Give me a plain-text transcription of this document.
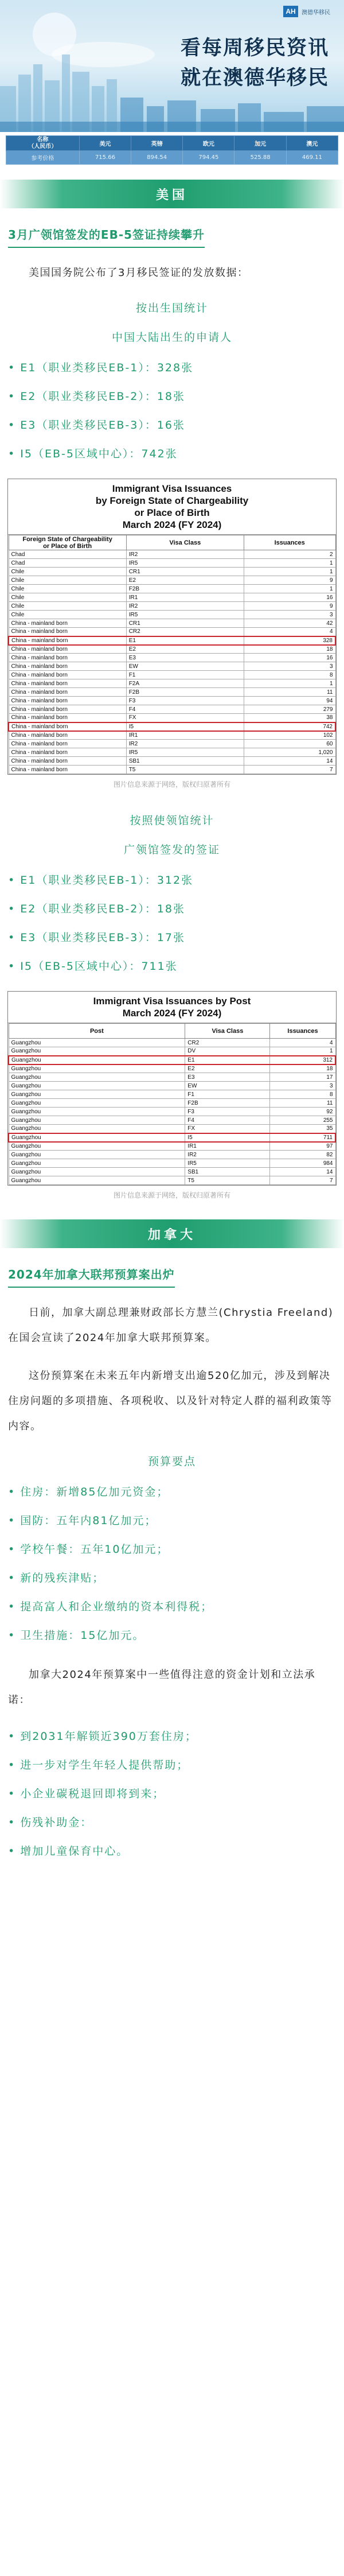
AH	澳德华移民
看每周移民资讯
就在澳德华移民
名称
（人民币）	美元	英镑	欧元	加元	澳元
参考价格	715.66	894.54	794.45	525.88	469.11
美国
3月广领馆签发的EB-5签证持续攀升

美国国务院公布了3月移民签证的发放数据：

按出生国统计
中国大陆出生的申请人
• E1（职业类移民EB-1）：328张
• E2（职业类移民EB-2）：18张
• E3（职业类移民EB-3）：16张
• I5（EB-5区域中心）：742张
Immigrant Visa Issuances
by Foreign State of Chargeability
or Place of Birth
March 2024 (FY 2024)
Foreign State of Chargeability
or Place of Birth	Visa Class	Issuances
Chad	IR2	2
Chad	IR5	1
Chile	CR1	1
Chile	E2	9
Chile	F2B	1
Chile	IR1	16
Chile	IR2	9
Chile	IR5	3
China - mainland born	CR1	42
China - mainland born	CR2	4
China - mainland born	E1	328
China - mainland born	E2	18
China - mainland born	E3	16
China - mainland born	EW	3
China - mainland born	F1	8
China - mainland born	F2A	1
China - mainland born	F2B	11
China - mainland born	F3	94
China - mainland born	F4	279
China - mainland born	FX	38
China - mainland born	I5	742
China - mainland born	IR1	102
China - mainland born	IR2	60
China - mainland born	IR5	1,020
China - mainland born	SB1	14
China - mainland born	T5	7
图片信息来源于网络，版权归原著所有
按照使领馆统计
广领馆签发的签证
• E1（职业类移民EB-1）：312张
• E2（职业类移民EB-2）：18张
• E3（职业类移民EB-3）：17张
• I5（EB-5区域中心）：711张
Immigrant Visa Issuances by Post
March 2024 (FY 2024)
Post	Visa Class	Issuances
Guangzhou	CR2	4
Guangzhou	DV	1
Guangzhou	E1	312
Guangzhou	E2	18
Guangzhou	E3	17
Guangzhou	EW	3
Guangzhou	F1	8
Guangzhou	F2B	11
Guangzhou	F3	92
Guangzhou	F4	255
Guangzhou	FX	35
Guangzhou	I5	711
Guangzhou	IR1	97
Guangzhou	IR2	82
Guangzhou	IR5	984
Guangzhou	SB1	14
Guangzhou	T5	7
图片信息来源于网络，版权归原著所有
加拿大
2024年加拿大联邦预算案出炉

日前，加拿大副总理兼财政部长方慧兰(Chrystia Freeland)在国会宣读了2024年加拿大联邦预算案。

这份预算案在未来五年内新增支出逾520亿加元，涉及到解决住房问题的多项措施、各项税收、以及针对特定人群的福利政策等内容。

预算要点
• 住房：新增85亿加元资金；
• 国防：五年内81亿加元；
• 学校午餐：五年10亿加元；
• 新的残疾津贴；
• 提高富人和企业缴纳的资本利得税；
• 卫生措施：15亿加元。

加拿大2024年预算案中一些值得注意的资金计划和立法承诺：

• 到2031年解锁近390万套住房；
• 进一步对学生年轻人提供帮助；
• 小企业碳税退回即将到来；
• 伤残补助金：
• 增加儿童保育中心。
